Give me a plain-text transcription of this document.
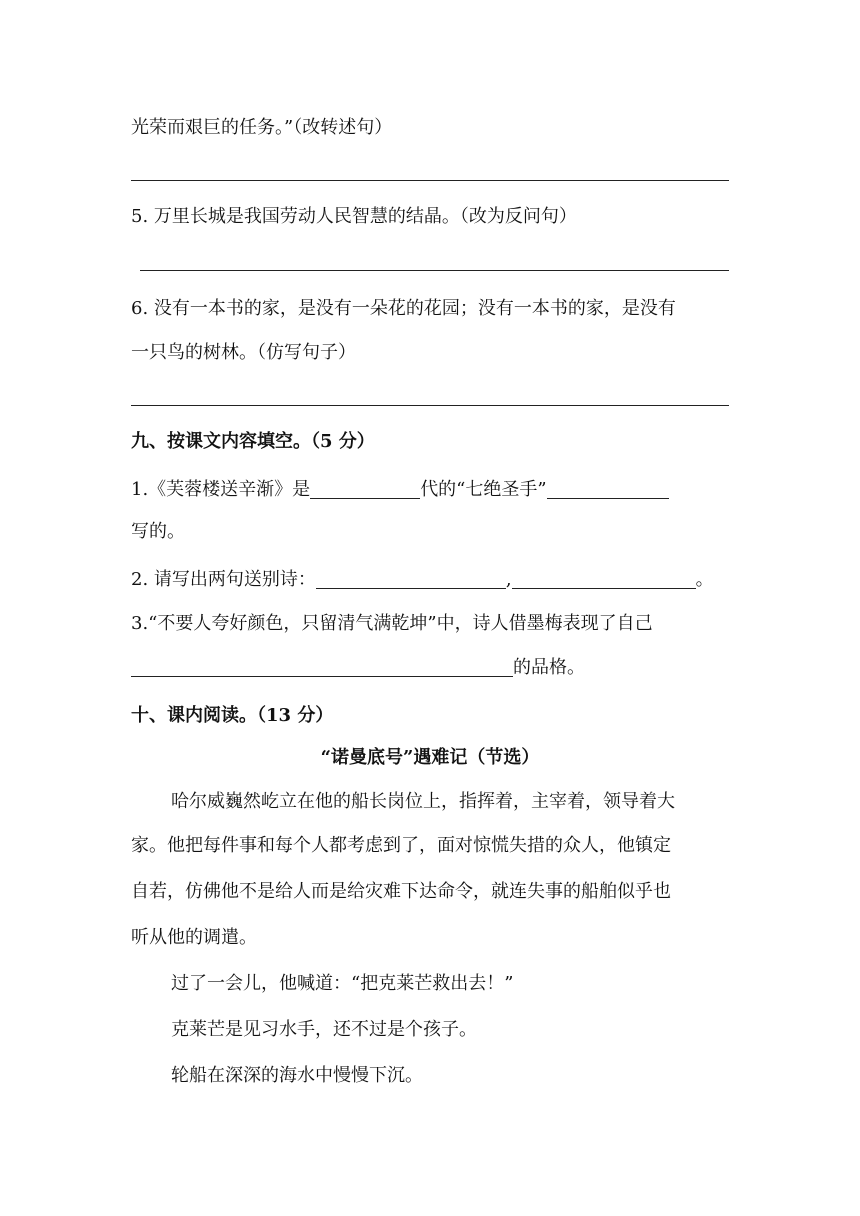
光荣而艰巨的任务。”（改转述句）
5. 万里长城是我国劳动人民智慧的结晶。（改为反问句）
6. 没有一本书的家，是没有一朵花的花园；没有一本书的家，是没有
一只鸟的树林。（仿写句子）
九、按课文内容填空。（5 分）
1.《芙蓉楼送辛渐》是	代的“七绝圣手”
写的。
2. 请写出两句送别诗：	,	。
3.“不要人夸好颜色，只留清气满乾坤”中，诗人借墨梅表现了自己
的品格。
十、课内阅读。（13 分）
“诺曼底号”遇难记（节选）
哈尔威巍然屹立在他的船长岗位上，指挥着，主宰着，领导着大
家。他把每件事和每个人都考虑到了，面对惊慌失措的众人，他镇定
自若，仿佛他不是给人而是给灾难下达命令，就连失事的船舶似乎也
听从他的调遣。
过了一会儿，他喊道：“把克莱芒救出去！”
克莱芒是见习水手，还不过是个孩子。
轮船在深深的海水中慢慢下沉。
